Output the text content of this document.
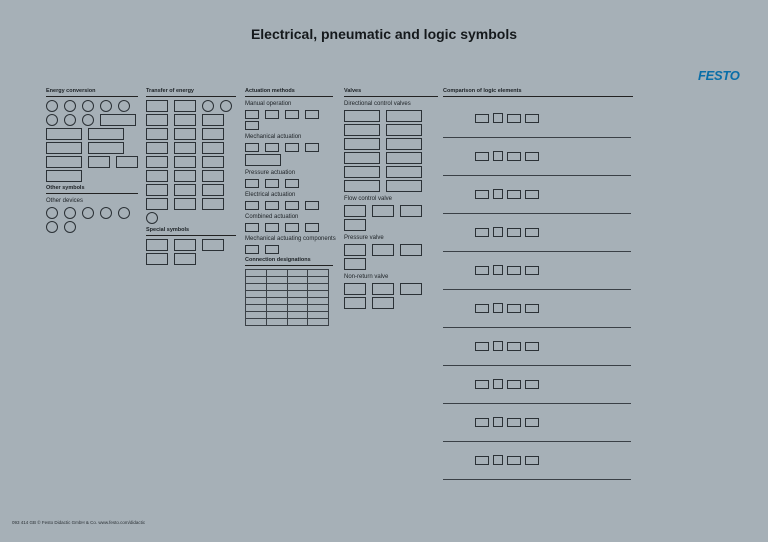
Electrical, pneumatic and logic symbols
FESTO
Energy conversion
Other symbols
Other devices
Transfer of energy
Special symbols
Actuation methods
Manual operation
Mechanical actuation
Pressure actuation
Electrical actuation
Combined actuation
Mechanical actuating components
Connection designations

Valves
Directional control valves
Flow control valve
Pressure valve
Non-return valve
Comparison of logic elements

093 414 GB © Festo Didactic GmbH & Co. www.festo.com/didactic
